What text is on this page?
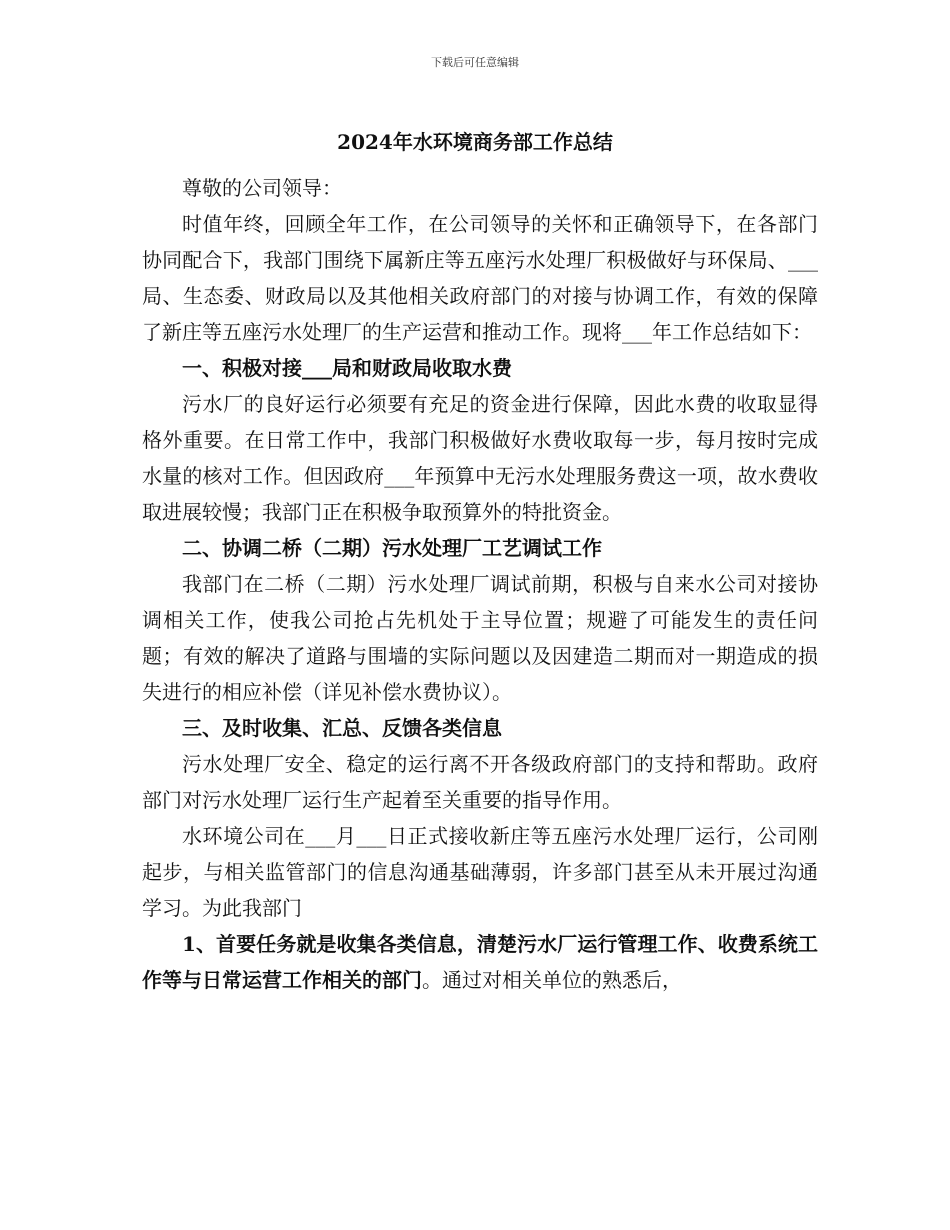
下载后可任意编辑
2024年水环境商务部工作总结

尊敬的公司领导：

时值年终，回顾全年工作，在公司领导的关怀和正确领导下，在各部门协同配合下，我部门围绕下属新庄等五座污水处理厂积极做好与环保局、___局、生态委、财政局以及其他相关政府部门的对接与协调工作，有效的保障了新庄等五座污水处理厂的生产运营和推动工作。现将___年工作总结如下：

一、积极对接___局和财政局收取水费

污水厂的良好运行必须要有充足的资金进行保障，因此水费的收取显得格外重要。在日常工作中，我部门积极做好水费收取每一步，每月按时完成水量的核对工作。但因政府___年预算中无污水处理服务费这一项，故水费收取进展较慢；我部门正在积极争取预算外的特批资金。

二、协调二桥（二期）污水处理厂工艺调试工作

我部门在二桥（二期）污水处理厂调试前期，积极与自来水公司对接协调相关工作，使我公司抢占先机处于主导位置；规避了可能发生的责任问题；有效的解决了道路与围墙的实际问题以及因建造二期而对一期造成的损失进行的相应补偿（详见补偿水费协议）。

三、及时收集、汇总、反馈各类信息

污水处理厂安全、稳定的运行离不开各级政府部门的支持和帮助。政府部门对污水处理厂运行生产起着至关重要的指导作用。

水环境公司在___月___日正式接收新庄等五座污水处理厂运行，公司刚起步，与相关监管部门的信息沟通基础薄弱，许多部门甚至从未开展过沟通学习。为此我部门

1、首要任务就是收集各类信息，清楚污水厂运行管理工作、收费系统工作等与日常运营工作相关的部门。通过对相关单位的熟悉后，
